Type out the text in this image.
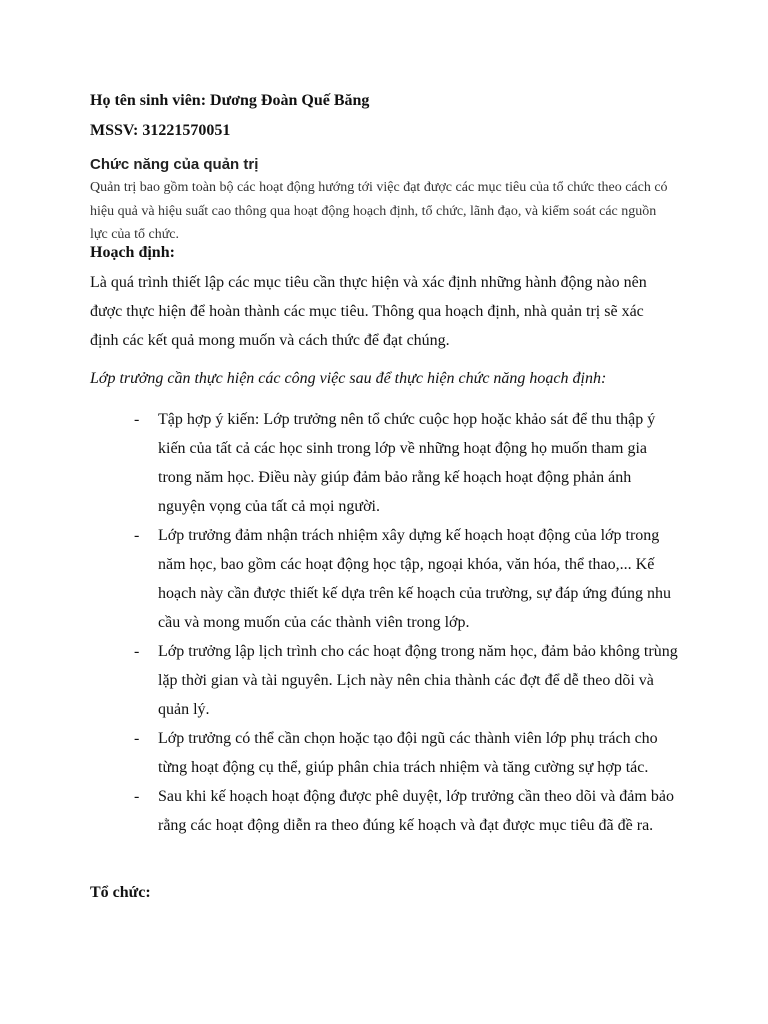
Họ tên sinh viên: Dương Đoàn Quế Băng
MSSV: 31221570051
Chức năng của quản trị
Quản trị bao gồm toàn bộ các hoạt động hướng tới việc đạt được các mục tiêu của tổ chức theo cách có hiệu quả và hiệu suất cao thông qua hoạt động hoạch định, tổ chức, lãnh đạo, và kiểm soát các nguồn lực của tổ chức.
Hoạch định:
Là quá trình thiết lập các mục tiêu cần thực hiện và xác định những hành động nào nên được thực hiện để hoàn thành các mục tiêu. Thông qua hoạch định, nhà quản trị sẽ xác định các kết quả mong muốn và cách thức để đạt chúng.
Lớp trưởng cần thực hiện các công việc sau để thực hiện chức năng hoạch định:
- Tập hợp ý kiến: Lớp trưởng nên tổ chức cuộc họp hoặc khảo sát để thu thập ý kiến của tất cả các học sinh trong lớp về những hoạt động họ muốn tham gia trong năm học. Điều này giúp đảm bảo rằng kế hoạch hoạt động phản ánh nguyện vọng của tất cả mọi người.
- Lớp trưởng đảm nhận trách nhiệm xây dựng kế hoạch hoạt động của lớp trong năm học, bao gồm các hoạt động học tập, ngoại khóa, văn hóa, thể thao,... Kế hoạch này cần được thiết kế dựa trên kế hoạch của trường, sự đáp ứng đúng nhu cầu và mong muốn của các thành viên trong lớp.
- Lớp trưởng lập lịch trình cho các hoạt động trong năm học, đảm bảo không trùng lặp thời gian và tài nguyên. Lịch này nên chia thành các đợt để dễ theo dõi và quản lý.
- Lớp trưởng có thể cần chọn hoặc tạo đội ngũ các thành viên lớp phụ trách cho từng hoạt động cụ thể, giúp phân chia trách nhiệm và tăng cường sự hợp tác.
- Sau khi kế hoạch hoạt động được phê duyệt, lớp trưởng cần theo dõi và đảm bảo rằng các hoạt động diễn ra theo đúng kế hoạch và đạt được mục tiêu đã đề ra.
Tổ chức:
